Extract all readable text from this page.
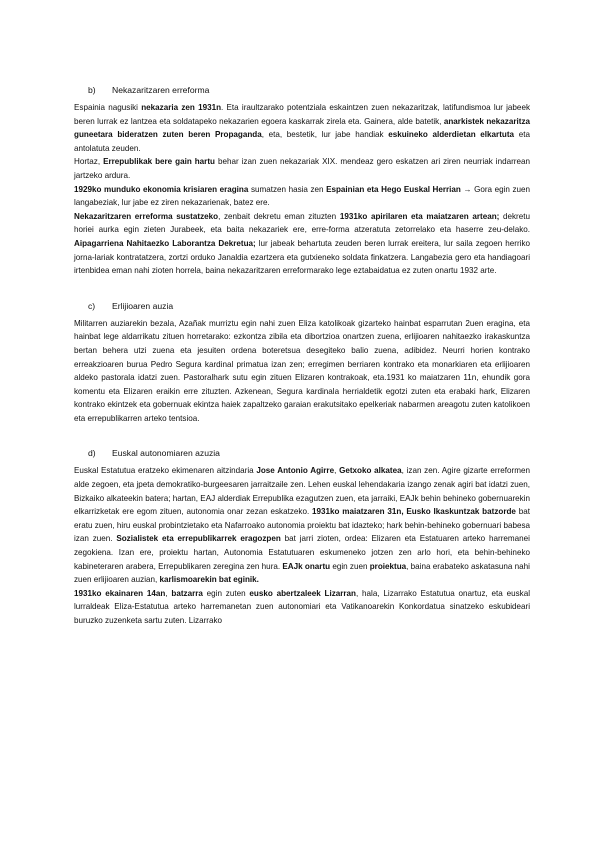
b)	Nekazaritzaren erreforma

Espainia nagusiki nekazaria zen 1931n. Eta iraultzarako potentziala eskaintzen zuen nekazaritzak, latifundismoa lur jabeek beren lurrak ez lantzea eta soldatapeko nekazarien egoera kaskarrak zirela eta. Gainera, alde batetik, anarkistek nekazaritza guneetara bideratzen zuten beren Propaganda, eta, bestetik, lur jabe handiak eskuineko alderdietan elkartuta eta antolatuta zeuden.

Hortaz, Errepublikak bere gain hartu behar izan zuen nekazariak XIX. mendeaz gero eskatzen ari ziren neurriak indarrean jartzeko ardura.

1929ko munduko ekonomia krisiaren eragina sumatzen hasia zen Espainian eta Hego Euskal Herrian → Gora egin zuen langabeziak, lur jabe ez ziren nekazarienak, batez ere.

Nekazaritzaren erreforma sustatzeko, zenbait dekretu eman zituzten 1931ko apirilaren eta maiatzaren artean; dekretu horiei aurka egin zieten Jurabeek, eta baita nekazariek ere, erre-forma atzeratuta zetorrelako eta haserre zeu-delako. Aipagarriena Nahitaezko Laborantza Dekretua; lur jabeak behartuta zeuden beren lurrak ereitera, lur saila zegoen herriko jorna-lariak kontratatzera, zortzi orduko Janaldia ezartzera eta gutxieneko soldata finkatzera. Langabezia gero eta handiagoari irtenbidea eman nahi zioten horrela, baina nekazaritzaren erreformarako lege eztabaidatua ez zuten onartu 1932 arte.

c)	Erlijioaren auzia

Militarren auziarekin bezala, Azañak murriztu egin nahi zuen Eliza katolikoak gizarteko hainbat esparrutan 2uen eragina, eta hainbat lege aldarrikatu zituen horretarako: ezkontza zibila eta dibortzioa onartzen zuena, erlijioaren nahitaezko irakaskuntza bertan behera utzi zuena eta jesuiten ordena boteretsua desegiteko balio zuena, adibidez. Neurri horien kontrako erreakzioaren burua Pedro Segura kardinal primatua izan zen; erregimen berriaren kontrako eta monarkiaren eta erlijioaren aldeko pastorala idatzi zuen. Pastoralhark sutu egin zituen Elizaren kontrakoak, eta.1931 ko maiatzaren 11n, ehundik gora komentu eta Elizaren eraikin erre zituzten. Azkenean, Segura kardinala herrialdetik egotzi zuten eta erabaki hark, Elizaren kontrako ekintzek eta gobernuak ekintza haiek zapaltzeko garaian erakutsitako epelkeriak nabarmen areagotu zuten katolikoen eta errepublikarren arteko tentsioa.

d)	Euskal autonomiaren azuzia

Euskal Estatutua eratzeko ekimenaren aitzindaria Jose Antonio Agirre, Getxoko alkatea, izan zen. Agire gizarte erreformen alde zegoen, eta jpeta demokratiko-burgeesaren jarraitzaile zen. Lehen euskal lehendakaria izango zenak agiri bat idatzi zuen, Bizkaiko alkateekin batera; hartan, EAJ alderdiak Errepublika ezagutzen zuen, eta jarraiki, EAJk behin behineko gobernuarekin elkarrizketak ere egom zituen, autonomia onar zezan eskatzeko. 1931ko maiatzaren 31n, Eusko Ikaskuntzak batzorde bat eratu zuen, hiru euskal probintzietako eta Nafarroako autonomia proiektu bat idazteko; hark behin-behineko gobernuari babesa izan zuen. Sozialistek eta errepublikarrek eragozpen bat jarri zioten, ordea: Elizaren eta Estatuaren arteko harremanei zegokiena. Izan ere, proiektu hartan, Autonomia Estatutuaren eskumeneko jotzen zen arlo hori, eta behin-behineko kabineteraren arabera, Errepublikaren zeregina zen hura. EAJk onartu egin zuen proiektua, baina erabateko askatasuna nahi zuen erlijioaren auzian, karlismoarekin bat eginik.

1931ko ekainaren 14an, batzarra egin zuten eusko abertzaleek Lizarran, hala, Lizarrako Estatutua onartuz, eta euskal lurraldeak Eliza-Estatutua arteko harremanetan zuen autonomiari eta Vatikanoarekin Konkordatua sinatzeko eskubideari buruzko zuzenketa sartu zuten. Lizarrako
